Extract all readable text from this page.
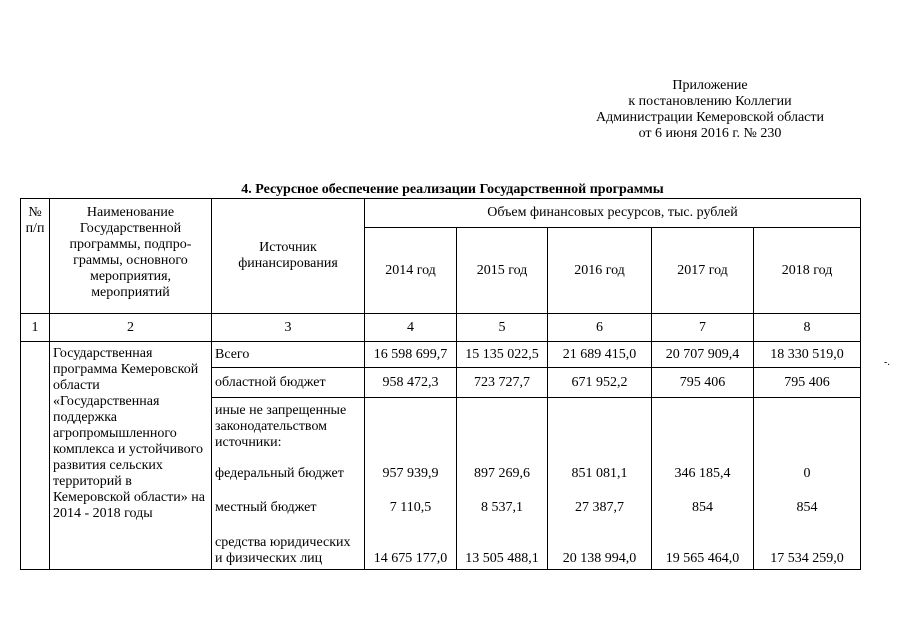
Приложение
к постановлению Коллегии
Администрации Кемеровской области
от 6 июня 2016 г. № 230
4. Ресурсное обеспечение реализации Государственной программы
-.
№ п/п	Наименование Государственной программы, подпро-граммы, основного мероприятия, мероприятий	Источник финансирования	Объем финансовых ресурсов, тыс. рублей				
			2014 год	2015 год	2016 год	2017 год	2018 год
1	2	3	4	5	6	7	8
	Государственная программа Кемеровской области «Государственная поддержка агропромышленного комплекса и устойчивого развития сельских территорий в Кемеровской области» на 2014 - 2018 годы	Всего	16 598 699,7	15 135 022,5	21 689 415,0	20 707 909,4	18 330 519,0
		областной бюджет	958 472,3	723 727,7	671 952,2	795 406	795 406
		иные не запрещенные законодательством источники:					
		федеральный бюджет	957 939,9	897 269,6	851 081,1	346 185,4	0
		местный бюджет	7 110,5	8 537,1	27 387,7	854	854
		средства юридических и физических лиц	14 675 177,0	13 505 488,1	20 138 994,0	19 565 464,0	17 534 259,0
